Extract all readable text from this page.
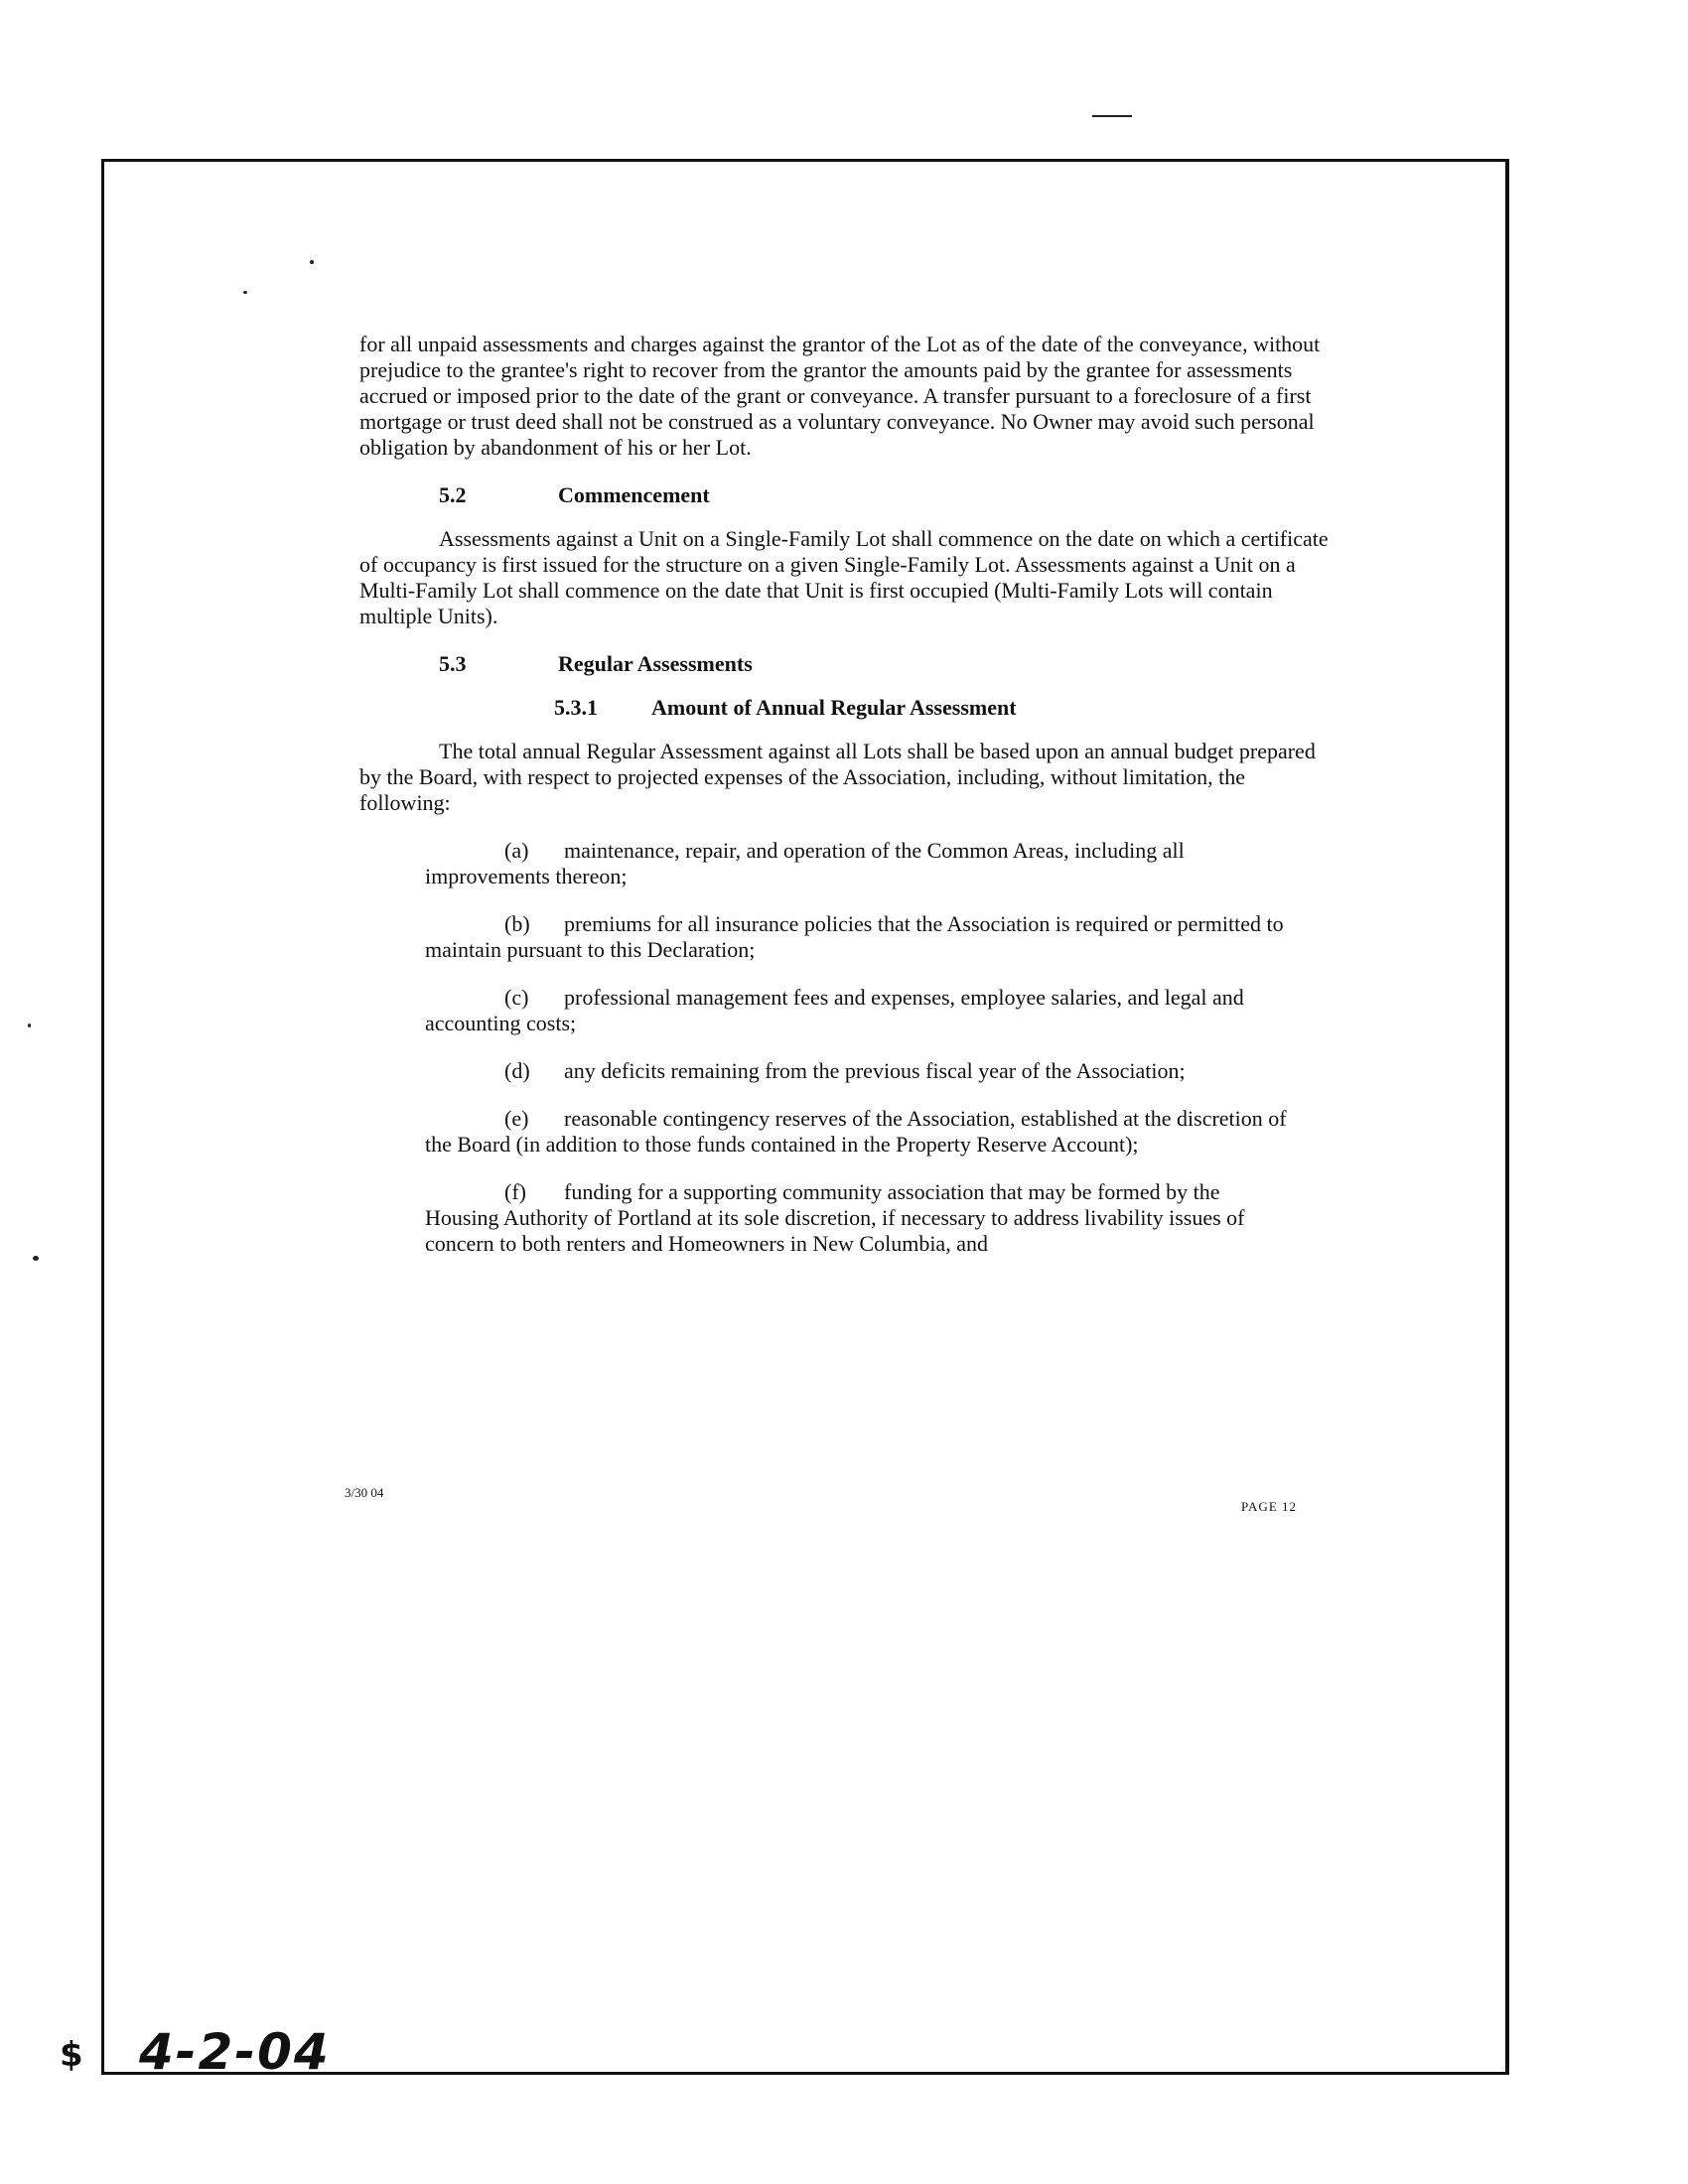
for all unpaid assessments and charges against the grantor of the Lot as of the date of the conveyance, without prejudice to the grantee's right to recover from the grantor the amounts paid by the grantee for assessments accrued or imposed prior to the date of the grant or conveyance. A transfer pursuant to a foreclosure of a first mortgage or trust deed shall not be construed as a voluntary conveyance. No Owner may avoid such personal obligation by abandonment of his or her Lot.

5.2	Commencement

Assessments against a Unit on a Single-Family Lot shall commence on the date on which a certificate of occupancy is first issued for the structure on a given Single-Family Lot. Assessments against a Unit on a Multi-Family Lot shall commence on the date that Unit is first occupied (Multi-Family Lots will contain multiple Units).

5.3	Regular Assessments
5.3.1 Amount of Annual Regular Assessment

The total annual Regular Assessment against all Lots shall be based upon an annual budget prepared by the Board, with respect to projected expenses of the Association, including, without limitation, the following:

(a) maintenance, repair, and operation of the Common Areas, including all improvements thereon;
(b) premiums for all insurance policies that the Association is required or permitted to maintain pursuant to this Declaration;
(c) professional management fees and expenses, employee salaries, and legal and accounting costs;
(d) any deficits remaining from the previous fiscal year of the Association;
(e) reasonable contingency reserves of the Association, established at the discretion of the Board (in addition to those funds contained in the Property Reserve Account);
(f) funding for a supporting community association that may be formed by the Housing Authority of Portland at its sole discretion, if necessary to address livability issues of concern to both renters and Homeowners in New Columbia, and
3/30 04
PAGE 12
$ 4-2-04
